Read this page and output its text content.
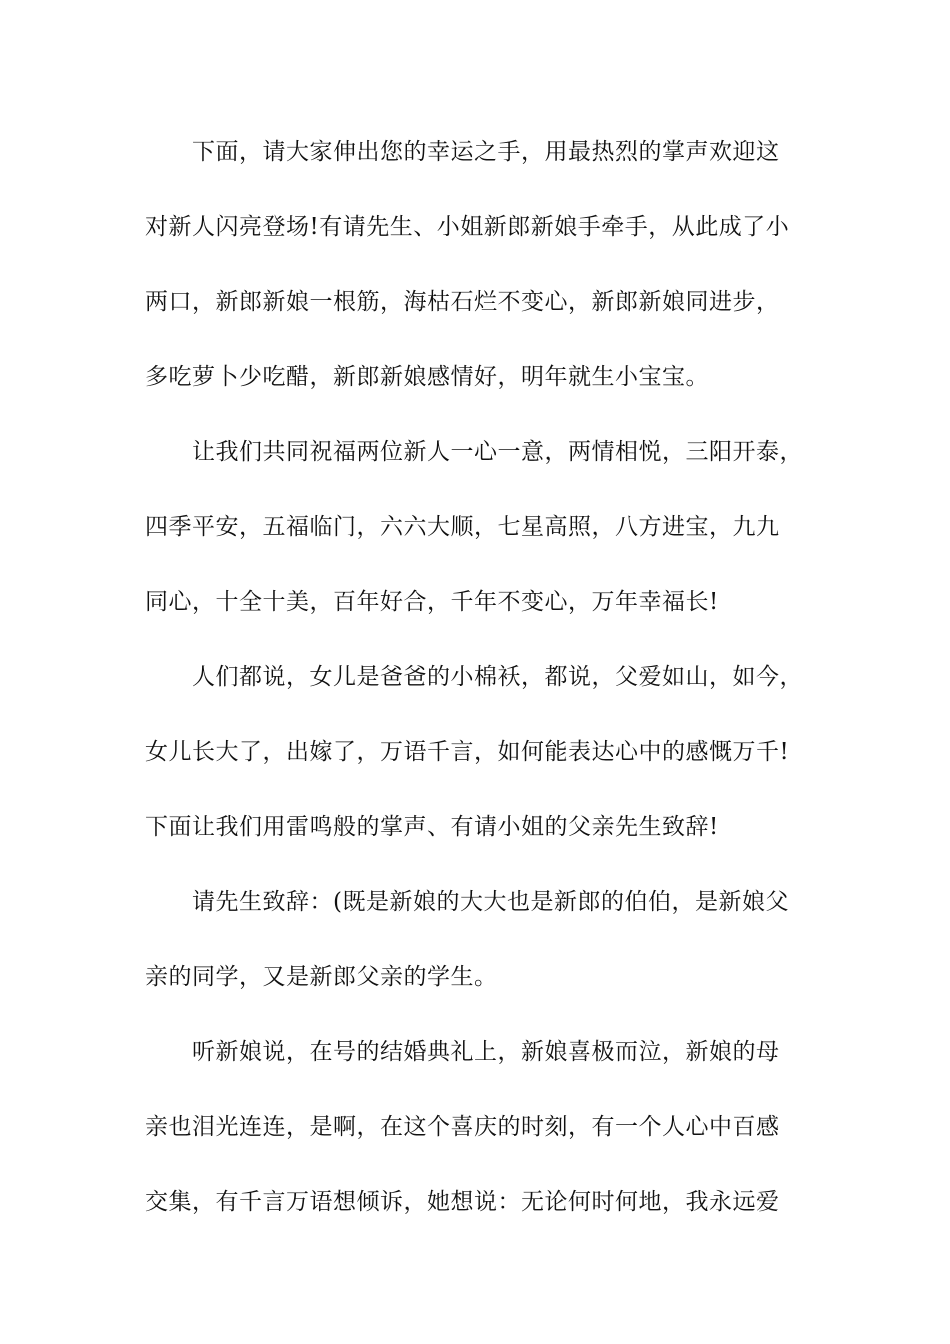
下面，请大家伸出您的幸运之手，用最热烈的掌声欢迎这
对新人闪亮登场!有请先生、小姐新郎新娘手牵手，从此成了小
两口，新郎新娘一根筋，海枯石烂不变心，新郎新娘同进步，
多吃萝卜少吃醋，新郎新娘感情好，明年就生小宝宝。
让我们共同祝福两位新人一心一意，两情相悦，三阳开泰，
四季平安，五福临门，六六大顺，七星高照，八方进宝，九九
同心，十全十美，百年好合，千年不变心，万年幸福长!
人们都说，女儿是爸爸的小棉袄，都说，父爱如山，如今，
女儿长大了，出嫁了，万语千言，如何能表达心中的感慨万千!
下面让我们用雷鸣般的掌声、有请小姐的父亲先生致辞!
请先生致辞：(既是新娘的大大也是新郎的伯伯，是新娘父
亲的同学，又是新郎父亲的学生。
听新娘说，在号的结婚典礼上，新娘喜极而泣，新娘的母
亲也泪光连连，是啊，在这个喜庆的时刻，有一个人心中百感
交集，有千言万语想倾诉，她想说：无论何时何地，我永远爱
